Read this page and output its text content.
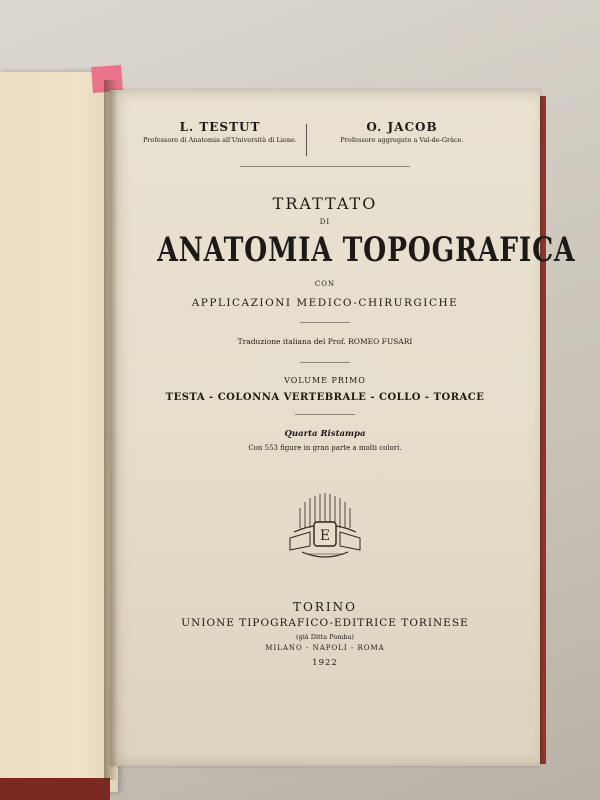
L. TESTUT
Professore di Anatomia all'Università di Lione.
O. JACOB
Professore aggregato a Val-de-Grâce.
TRATTATO
DI
ANATOMIA TOPOGRAFICA
CON
APPLICAZIONI MEDICO-CHIRURGICHE
Traduzione italiana del Prof. ROMEO FUSARI
VOLUME PRIMO
TESTA - COLONNA VERTEBRALE - COLLO - TORACE
Quarta Ristampa
Con 553 figure in gran parte a molti colori.
E
TORINO
UNIONE TIPOGRAFICO-EDITRICE TORINESE
(già Ditta Pomba)
MILANO - NAPOLI - ROMA
1922
